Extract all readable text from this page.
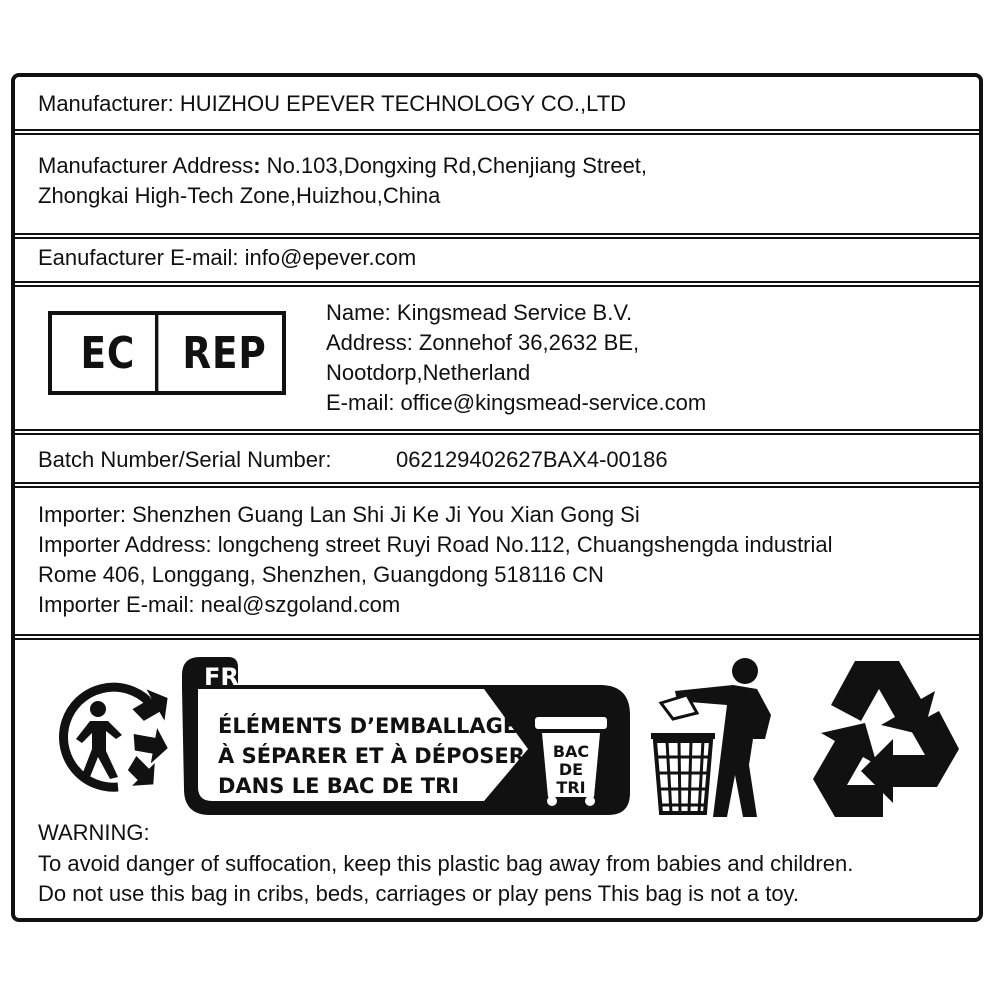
Manufacturer: HUIZHOU EPEVER TECHNOLOGY CO.,LTD
Manufacturer Address: No.103,Dongxing Rd,Chenjiang Street,
Zhongkai High-Tech Zone,Huizhou,China
Eanufacturer E-mail: info@epever.com
EC	REP
Name: Kingsmead Service B.V.
Address: Zonnehof 36,2632 BE,
Nootdorp,Netherland
E-mail: office@kingsmead-service.com
Batch Number/Serial Number:	062129402627BAX4-00186
Importer: Shenzhen Guang Lan Shi Ji Ke Ji You Xian Gong Si
Importer Address: longcheng street Ruyi Road No.112, Chuangshengda industrial
Rome 406, Longgang, Shenzhen, Guangdong 518116 CN
Importer E-mail: neal@szgoland.com
FR
ÉLÉMENTS D’EMBALLAGE
À SÉPARER ET À DÉPOSER
DANS LE BAC DE TRI
BAC
DE
TRI
WARNING:
To avoid danger of suffocation, keep this plastic bag away from babies and children.
Do not use this bag in cribs, beds, carriages or play pens This bag is not a toy.
